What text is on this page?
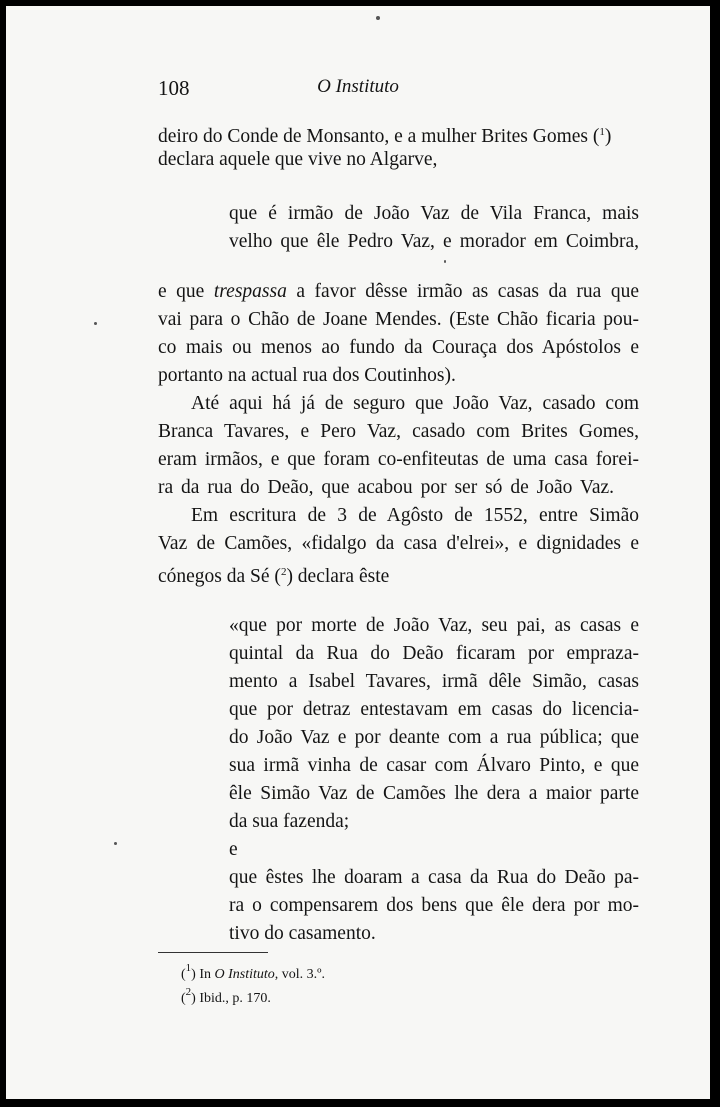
108	O Instituto
deiro do Conde de Monsanto, e a mulher Brites Gomes ($^1$)
declara aquele que vive no Algarve,
que é irmão de João Vaz de Vila Franca, mais
velho que êle Pedro Vaz, e morador em Coimbra,
e que trespassa a favor dêsse irmão as casas da rua que
vai para o Chão de Joane Mendes. (Este Chão ficaria pou-
co mais ou menos ao fundo da Couraça dos Apóstolos e
portanto na actual rua dos Coutinhos).
Até aqui há já de seguro que João Vaz, casado com
Branca Tavares, e Pero Vaz, casado com Brites Gomes,
eram irmãos, e que foram co-enfiteutas de uma casa forei-
ra da rua do Deão, que acabou por ser só de João Vaz.
Em escritura de 3 de Agôsto de 1552, entre Simão
Vaz de Camões, «fidalgo da casa d'elrei», e dignidades e
cónegos da Sé ($^2$) declara êste
«que por morte de João Vaz, seu pai, as casas e
quintal da Rua do Deão ficaram por emprаza-
mento a Isabel Tavares, irmã dêle Simão, casas
que por detraz entestavam em casas do licencia-
do João Vaz e por deante com a rua pública; que
sua irmã vinha de casar com Álvaro Pinto, e que
êle Simão Vaz de Camões lhe dera a maior parte
da sua fazenda;
e
que êstes lhe doaram a casa da Rua do Deão pa-
ra o compensarem dos bens que êle dera por mo-
tivo do casamento.
($^1$) In O Instituto, vol. 3.º.
($^2$) Ibid., p. 170.
